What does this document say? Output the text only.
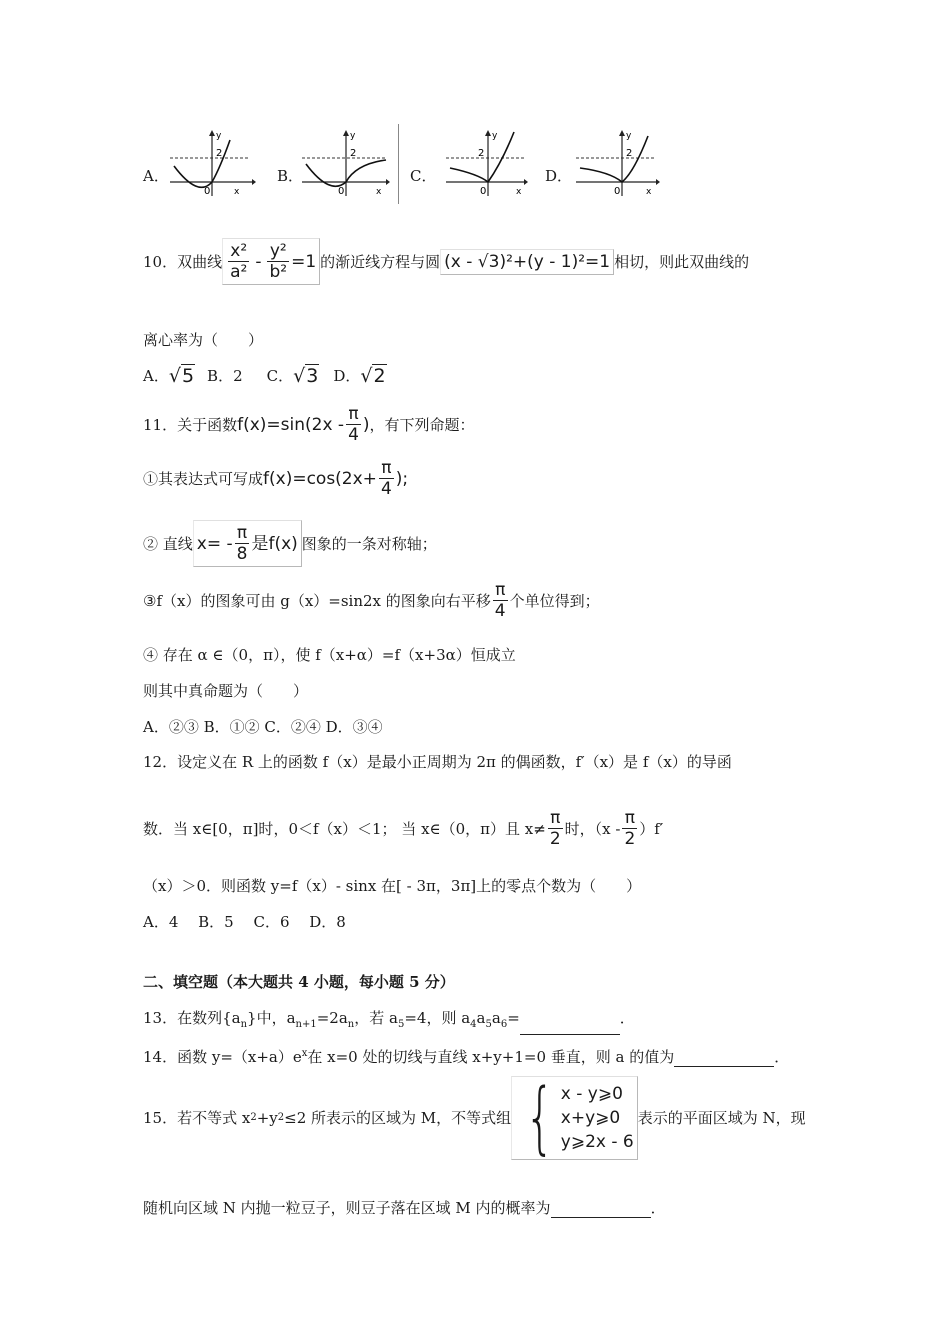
A．
y
2
0	x
B．
y
2
0	x
C．
y
2
0	x
D．
y
2
0	x
10． 双曲线 $\frac{\text{x²}}{\text{a²}} - \frac{\text{y²}}{\text{b²}} =1$ 的渐近线方程与圆 (x - √3)²+(y - 1)²=1 相切，则此双曲线的
离心率为（　　）
A． √5 B．2 C． √3 D． √2
11． 关于函数 $f(x)=\sin(2x - \frac{\pi}{4}$ ) ，有下列命题：
①其表达式可写成 $f(x)=\cos(2x+ \frac{\pi}{4}$ );
② 直线 $x= - \frac{\pi}{8}$ 是f(x) 图象的一条对称轴；
③f（x）的图象可由 g（x）=sin2x 的图象向右平移 $\frac{\pi}{4}$ 个单位得到；
④ 存在 α ∈（0，π），使 f（x+α）=f（x+3α）恒成立
则其中真命题为（　　）
A．②③ B．①② C．②④ D．③④
12．设定义在 R 上的函数 f（x）是最小正周期为 2π 的偶函数，f′（x）是 f（x）的导函
数．当 x∈[0，π]时，0＜f（x）＜1； 当 x∈（0，π）且 $x\ne \frac{\pi}{2}$ 时，$(x - \frac{\pi}{2} )f'$
（x）＞0．则函数 y=f（x）- sinx 在[ - 3π，3π]上的零点个数为（　　）
A．4　 B．5　 C．6　 D．8
二、填空题（本大题共 4 小题，每小题 5 分）
13．在数列$\{a_n\}$中，$a_{n+1}=2a_n$，若 $a_5=4$，则 $a_4a_5a_6=$	．
14．函数 $y=(x+a)e^x$在 x=0 处的切线与直线 x+y+1=0 垂直，则 a 的值为	．
15．若不等式 x 2 +y 2 ≤2 所表示的区域为 M，不等式组 { x - y⩾0
x+y⩾0
y⩾2x - 6
表示的平面区域为 N，现
随机向区域 N 内抛一粒豆子，则豆子落在区域 M 内的概率为	．
